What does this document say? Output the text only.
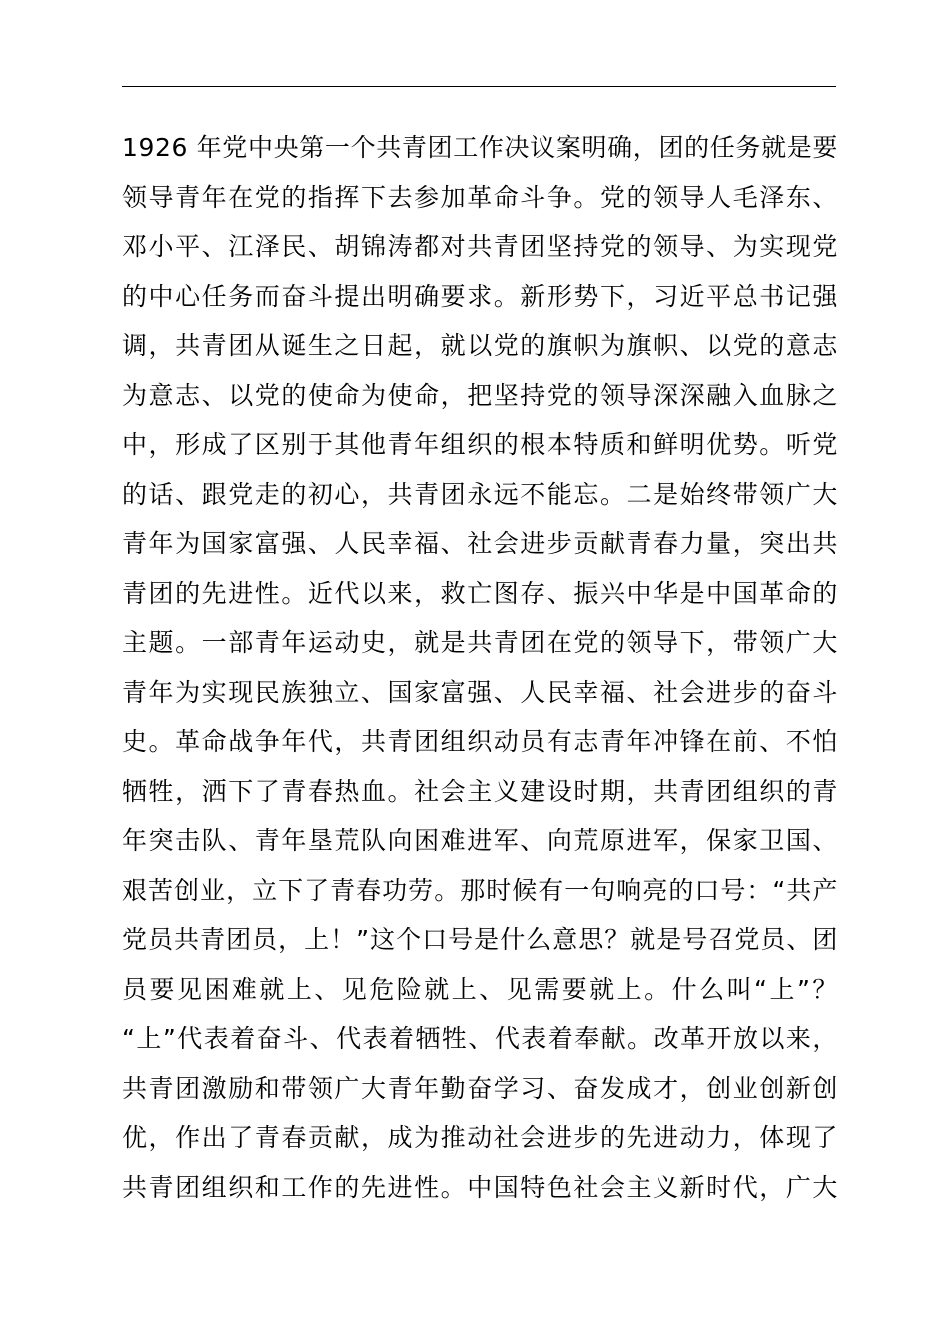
1926 年党中央第一个共青团工作决议案明确，团的任务就是要
领导青年在党的指挥下去参加革命斗争。党的领导人毛泽东、
邓小平、江泽民、胡锦涛都对共青团坚持党的领导、为实现党
的中心任务而奋斗提出明确要求。新形势下，习近平总书记强
调，共青团从诞生之日起，就以党的旗帜为旗帜、以党的意志
为意志、以党的使命为使命，把坚持党的领导深深融入血脉之
中，形成了区别于其他青年组织的根本特质和鲜明优势。听党
的话、跟党走的初心，共青团永远不能忘。二是始终带领广大
青年为国家富强、人民幸福、社会进步贡献青春力量，突出共
青团的先进性。近代以来，救亡图存、振兴中华是中国革命的
主题。一部青年运动史，就是共青团在党的领导下，带领广大
青年为实现民族独立、国家富强、人民幸福、社会进步的奋斗
史。革命战争年代，共青团组织动员有志青年冲锋在前、不怕
牺牲，洒下了青春热血。社会主义建设时期，共青团组织的青
年突击队、青年垦荒队向困难进军、向荒原进军，保家卫国、
艰苦创业，立下了青春功劳。那时候有一句响亮的口号：“共产
党员共青团员，上！”这个口号是什么意思？就是号召党员、团
员要见困难就上、见危险就上、见需要就上。什么叫“上”？
“上”代表着奋斗、代表着牺牲、代表着奉献。改革开放以来，
共青团激励和带领广大青年勤奋学习、奋发成才，创业创新创
优，作出了青春贡献，成为推动社会进步的先进动力，体现了
共青团组织和工作的先进性。中国特色社会主义新时代，广大
